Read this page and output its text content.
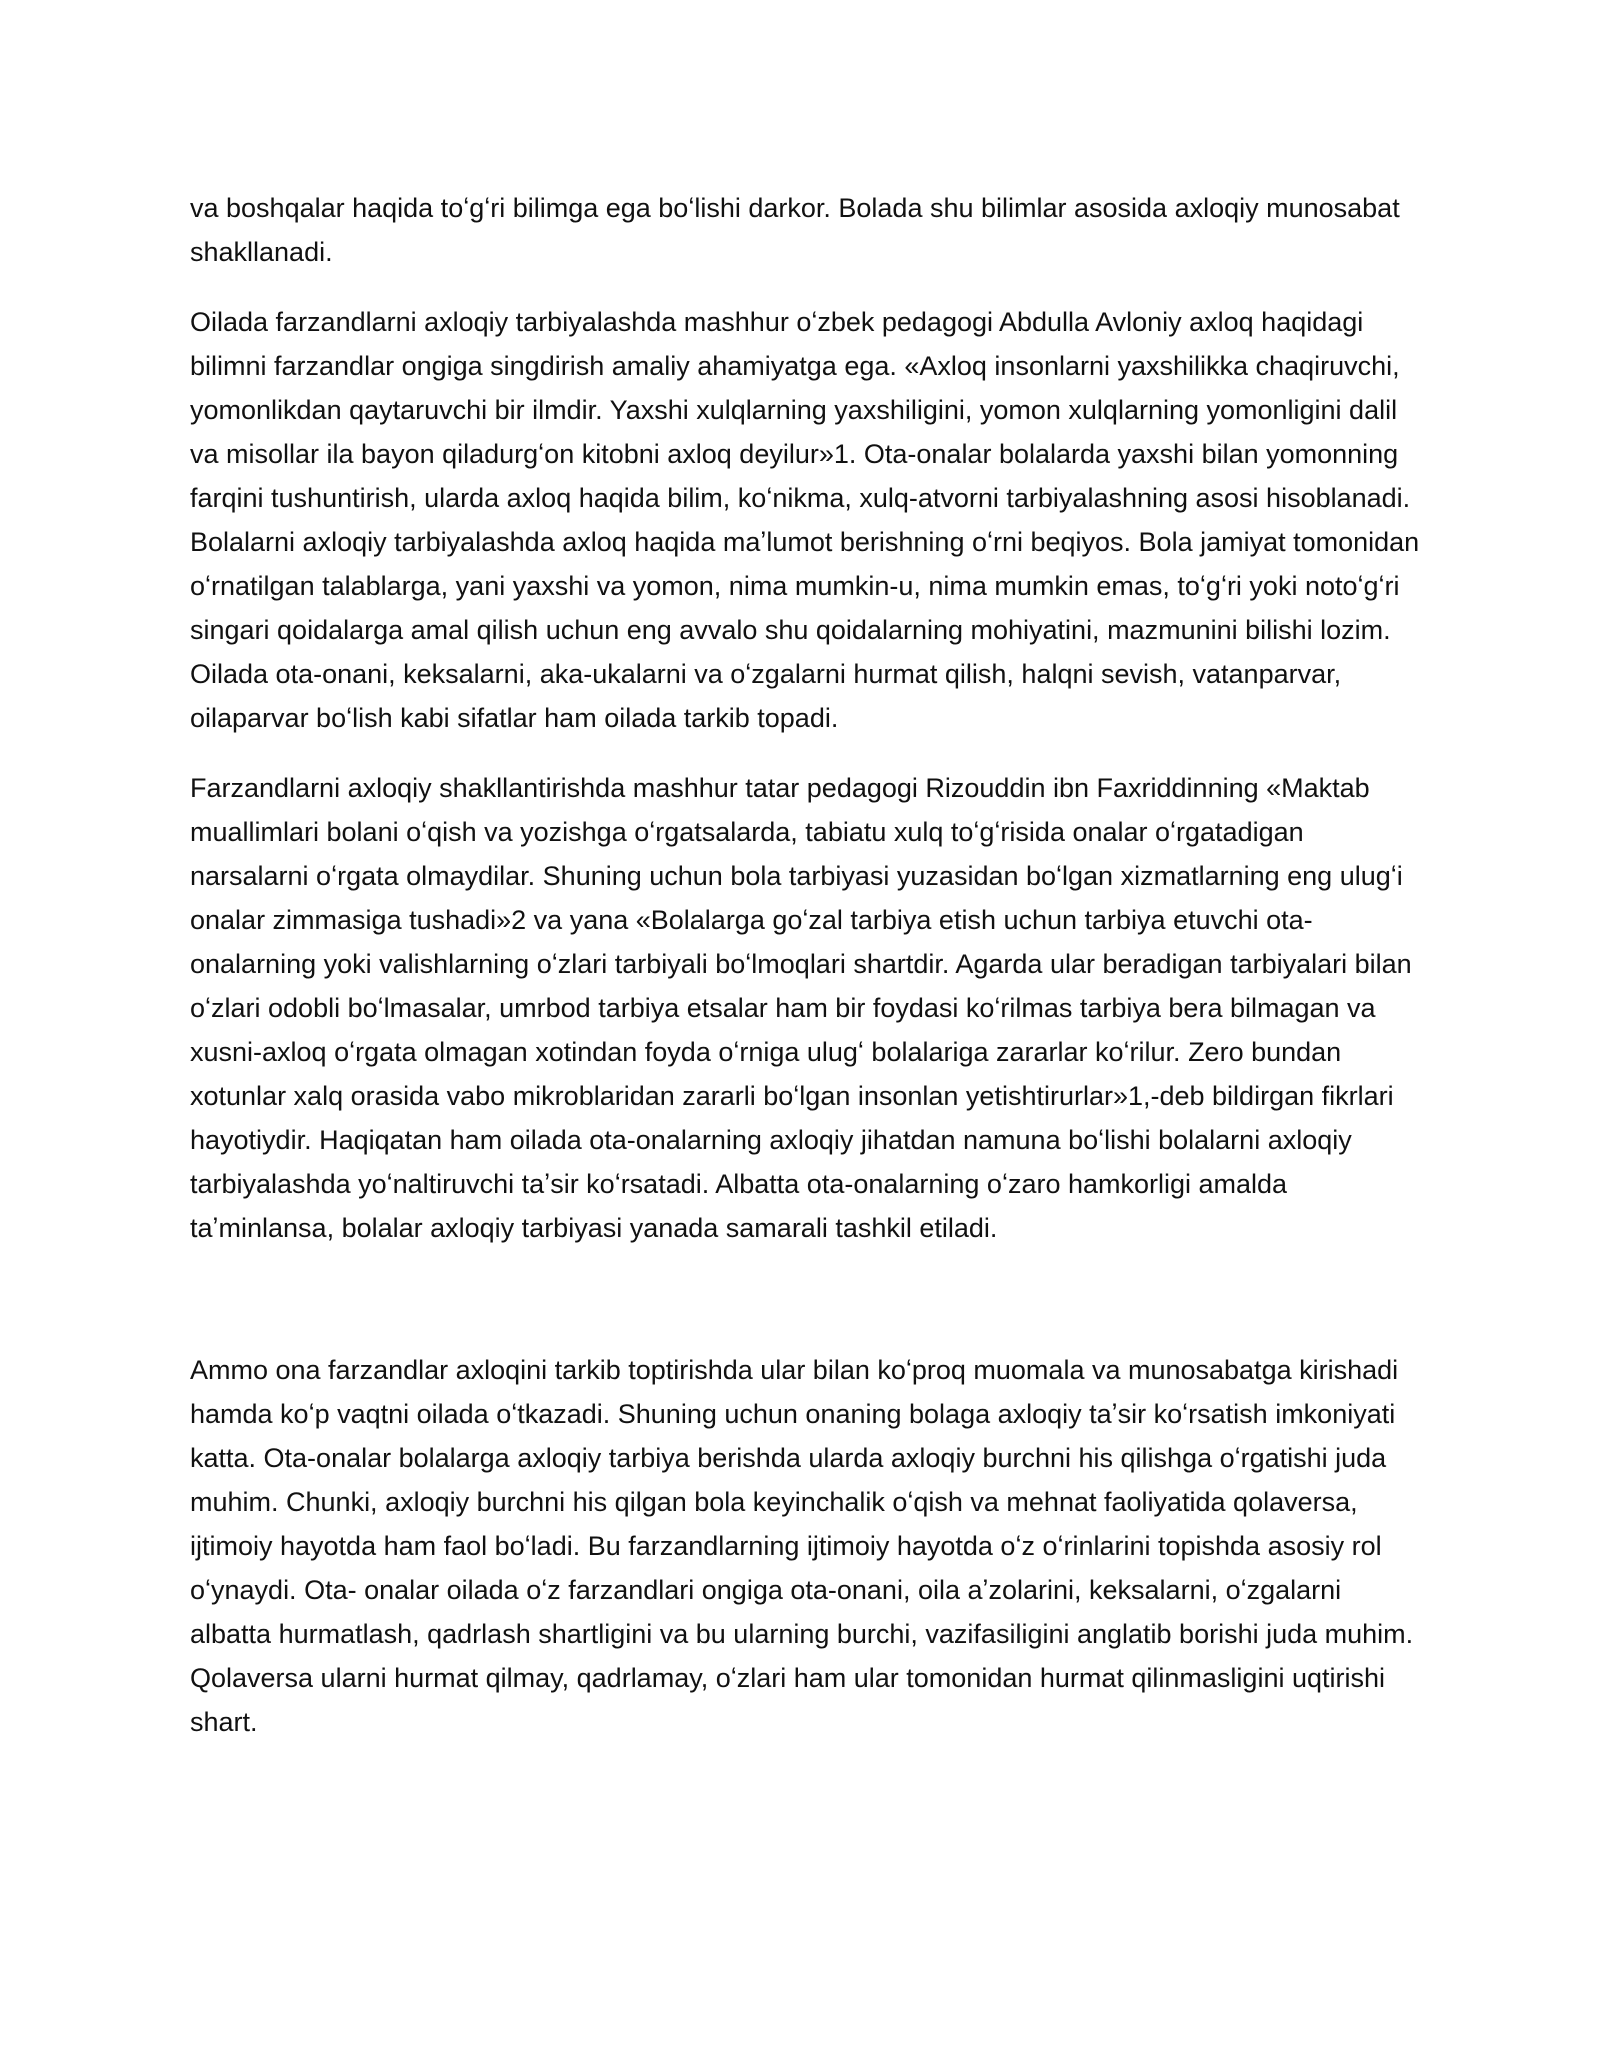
va boshqalar haqida toʻgʻri bilimga ega boʻlishi darkor. Bolada shu bilimlar asosida axloqiy munosabat shakllanadi.

Oilada farzandlarni axloqiy tarbiyalashda mashhur oʻzbek pedagogi Abdulla Avloniy axloq haqidagi bilimni farzandlar ongiga singdirish amaliy ahamiyatga ega. «Axloq insonlarni yaxshilikka chaqiruvchi, yomonlikdan qaytaruvchi bir ilmdir. Yaxshi xulqlarning yaxshiligini, yomon xulqlarning yomonligini dalil va misollar ila bayon qiladurgʻon kitobni axloq deyilur»1. Ota-onalar bolalarda yaxshi bilan yomonning farqini tushuntirish, ularda axloq haqida bilim, koʻnikma, xulq-atvorni tarbiyalashning asosi hisoblanadi. Bolalarni axloqiy tarbiyalashda axloq haqida maʼlumot berishning oʻrni beqiyos. Bola jamiyat tomonidan oʻrnatilgan talablarga, yani yaxshi va yomon, nima mumkin-u, nima mumkin emas, toʻgʻri yoki notoʻgʻri singari qoidalarga amal qilish uchun eng avvalo shu qoidalarning mohiyatini, mazmunini bilishi lozim. Oilada ota-onani, keksalarni, aka-ukalarni va oʻzgalarni hurmat qilish, halqni sevish, vatanparvar, oilaparvar boʻlish kabi sifatlar ham oilada tarkib topadi.

Farzandlarni axloqiy shakllantirishda mashhur tatar pedagogi Rizouddin ibn Faxriddinning «Maktab muallimlari bolani oʻqish va yozishga oʻrgatsalarda, tabiatu xulq toʻgʻrisida onalar oʻrgatadigan narsalarni oʻrgata olmaydilar. Shuning uchun bola tarbiyasi yuzasidan boʻlgan xizmatlarning eng ulugʻi onalar zimmasiga tushadi»2 va yana «Bolalarga goʻzal tarbiya etish uchun tarbiya etuvchi ota-onalarning yoki valishlarning oʻzlari tarbiyali boʻlmoqlari shartdir. Agarda ular beradigan tarbiyalari bilan oʻzlari odobli boʻlmasalar, umrbod tarbiya etsalar ham bir foydasi koʻrilmas tarbiya bera bilmagan va xusni-axloq oʻrgata olmagan xotindan foyda oʻrniga ulugʻ bolalariga zararlar koʻrilur. Zero bundan xotunlar xalq orasida vabo mikroblaridan zararli boʻlgan insonlan yetishtirurlar»1,-deb bildirgan fikrlari hayotiydir. Haqiqatan ham oilada ota-onalarning axloqiy jihatdan namuna boʻlishi bolalarni axloqiy tarbiyalashda yoʻnaltiruvchi taʼsir koʻrsatadi. Albatta ota-onalarning oʻzaro hamkorligi amalda taʼminlansa, bolalar axloqiy tarbiyasi yanada samarali tashkil etiladi.

Ammo ona farzandlar axloqini tarkib toptirishda ular bilan koʻproq muomala va munosabatga kirishadi hamda koʻp vaqtni oilada oʻtkazadi. Shuning uchun onaning bolaga axloqiy taʼsir koʻrsatish imkoniyati katta. Ota-onalar bolalarga axloqiy tarbiya berishda ularda axloqiy burchni his qilishga oʻrgatishi juda muhim. Chunki, axloqiy burchni his qilgan bola keyinchalik oʻqish va mehnat faoliyatida qolaversa, ijtimoiy hayotda ham faol boʻladi. Bu farzandlarning ijtimoiy hayotda oʻz oʻrinlarini topishda asosiy rol oʻynaydi. Ota- onalar oilada oʻz farzandlari ongiga ota-onani, oila aʼzolarini, keksalarni, oʻzgalarni albatta hurmatlash, qadrlash shartligini va bu ularning burchi, vazifasiligini anglatib borishi juda muhim. Qolaversa ularni hurmat qilmay, qadrlamay, oʻzlari ham ular tomonidan hurmat qilinmasligini uqtirishi shart.
